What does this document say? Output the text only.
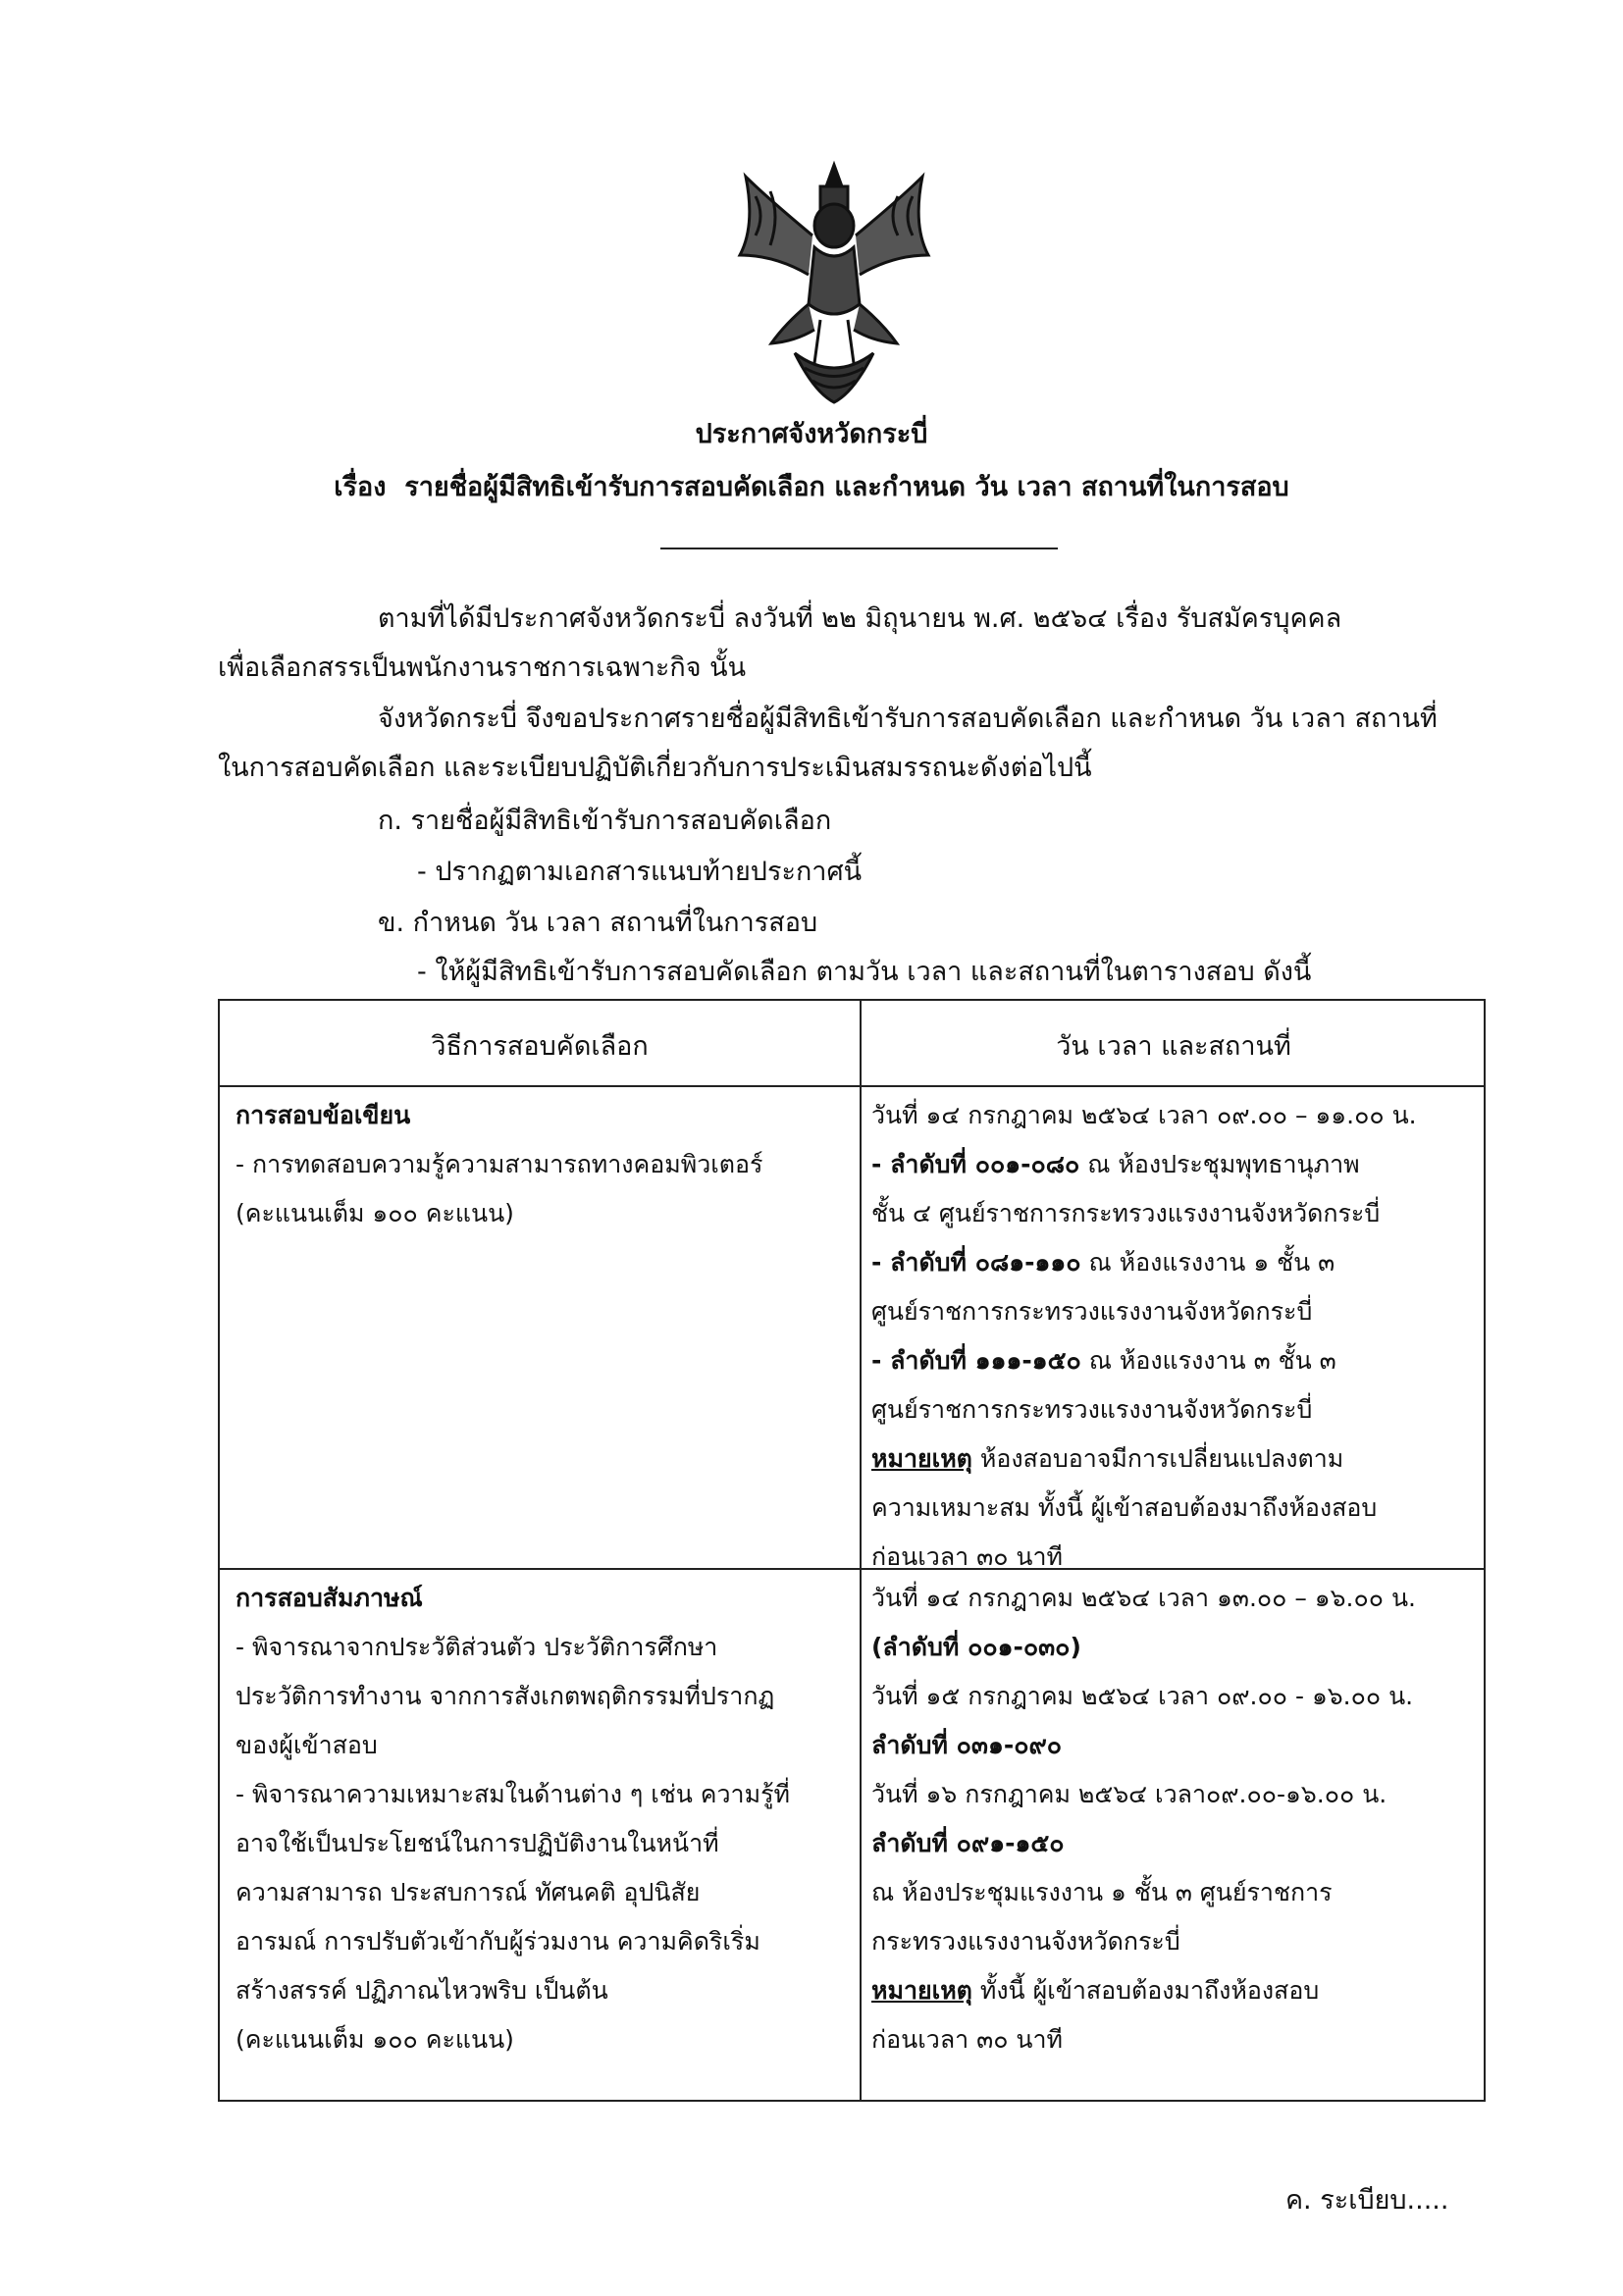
ประกาศจังหวัดกระบี่
เรื่อง รายชื่อผู้มีสิทธิเข้ารับการสอบคัดเลือก และกำหนด วัน เวลา สถานที่ในการสอบ
ตามที่ได้มีประกาศจังหวัดกระบี่ ลงวันที่ ๒๒ มิถุนายน พ.ศ. ๒๕๖๔ เรื่อง รับสมัครบุคคล
เพื่อเลือกสรรเป็นพนักงานราชการเฉพาะกิจ นั้น
จังหวัดกระบี่ จึงขอประกาศรายชื่อผู้มีสิทธิเข้ารับการสอบคัดเลือก และกำหนด วัน เวลา สถานที่
ในการสอบคัดเลือก และระเบียบปฏิบัติเกี่ยวกับการประเมินสมรรถนะดังต่อไปนี้
ก. รายชื่อผู้มีสิทธิเข้ารับการสอบคัดเลือก
- ปรากฏตามเอกสารแนบท้ายประกาศนี้
ข. กำหนด วัน เวลา สถานที่ในการสอบ
- ให้ผู้มีสิทธิเข้ารับการสอบคัดเลือก ตามวัน เวลา และสถานที่ในตารางสอบ ดังนี้
วิธีการสอบคัดเลือก	วัน เวลา และสถานที่
การสอบข้อเขียน
- การทดสอบความรู้ความสามารถทางคอมพิวเตอร์
(คะแนนเต็ม ๑๐๐ คะแนน)
วันที่ ๑๔ กรกฎาคม ๒๕๖๔ เวลา ๐๙.๐๐ – ๑๑.๐๐ น.
- ลำดับที่ ๐๐๑-๐๘๐ ณ ห้องประชุมพุทธานุภาพ
ชั้น ๔ ศูนย์ราชการกระทรวงแรงงานจังหวัดกระบี่
- ลำดับที่ ๐๘๑-๑๑๐ ณ ห้องแรงงาน ๑ ชั้น ๓
ศูนย์ราชการกระทรวงแรงงานจังหวัดกระบี่
- ลำดับที่ ๑๑๑-๑๕๐ ณ ห้องแรงงาน ๓ ชั้น ๓
ศูนย์ราชการกระทรวงแรงงานจังหวัดกระบี่
หมายเหตุ ห้องสอบอาจมีการเปลี่ยนแปลงตาม
ความเหมาะสม ทั้งนี้ ผู้เข้าสอบต้องมาถึงห้องสอบ
ก่อนเวลา ๓๐ นาที
การสอบสัมภาษณ์
- พิจารณาจากประวัติส่วนตัว ประวัติการศึกษา
ประวัติการทำงาน จากการสังเกตพฤติกรรมที่ปรากฏ
ของผู้เข้าสอบ
- พิจารณาความเหมาะสมในด้านต่าง ๆ เช่น ความรู้ที่
อาจใช้เป็นประโยชน์ในการปฏิบัติงานในหน้าที่
ความสามารถ ประสบการณ์ ทัศนคติ อุปนิสัย
อารมณ์ การปรับตัวเข้ากับผู้ร่วมงาน ความคิดริเริ่ม
สร้างสรรค์ ปฏิภาณไหวพริบ เป็นต้น
(คะแนนเต็ม ๑๐๐ คะแนน)
วันที่ ๑๔ กรกฎาคม ๒๕๖๔ เวลา ๑๓.๐๐ – ๑๖.๐๐ น.
(ลำดับที่ ๐๐๑-๐๓๐)
วันที่ ๑๕ กรกฎาคม ๒๕๖๔ เวลา ๐๙.๐๐ - ๑๖.๐๐ น.
ลำดับที่ ๐๓๑-๐๙๐
วันที่ ๑๖ กรกฎาคม ๒๕๖๔ เวลา๐๙.๐๐-๑๖.๐๐ น.
ลำดับที่ ๐๙๑-๑๕๐
ณ ห้องประชุมแรงงาน ๑ ชั้น ๓ ศูนย์ราชการ
กระทรวงแรงงานจังหวัดกระบี่
หมายเหตุ ทั้งนี้ ผู้เข้าสอบต้องมาถึงห้องสอบ
ก่อนเวลา ๓๐ นาที
ค. ระเบียบ.....
